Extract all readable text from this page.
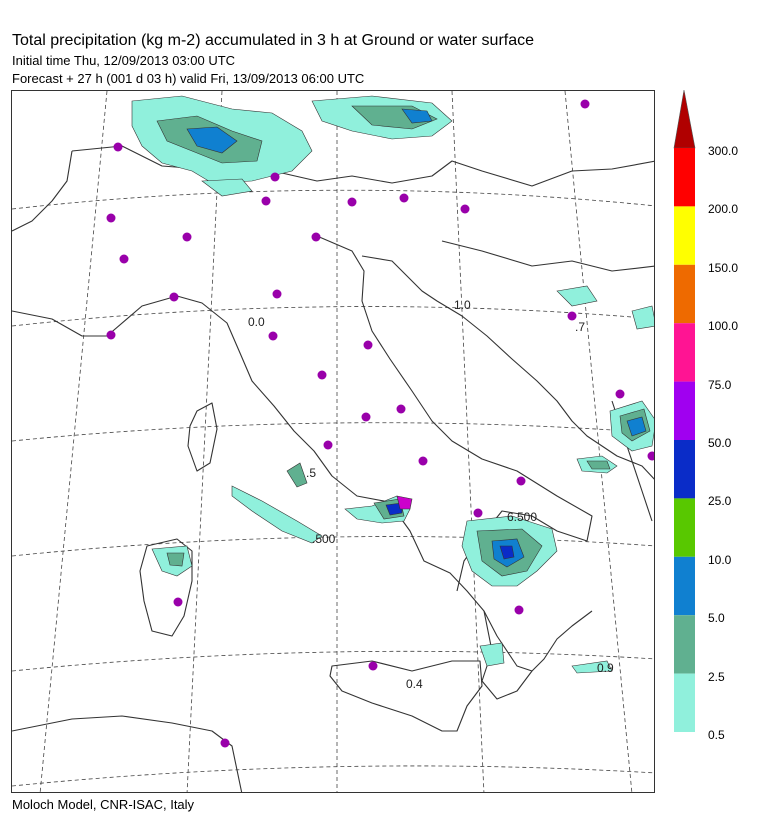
Total precipitation (kg m-2) accumulated in 3 h at Ground or water surface
Initial time Thu, 12/09/2013 03:00 UTC
Forecast + 27 h (001 d 03 h) valid Fri, 13/09/2013 06:00 UTC
1.0
0.0	.7
.5
.500
6.500
0.4
0.9
300.0
200.0
150.0
100.0
75.0
50.0
25.0
10.0
5.0
2.5
0.5
Moloch Model, CNR-ISAC, Italy
